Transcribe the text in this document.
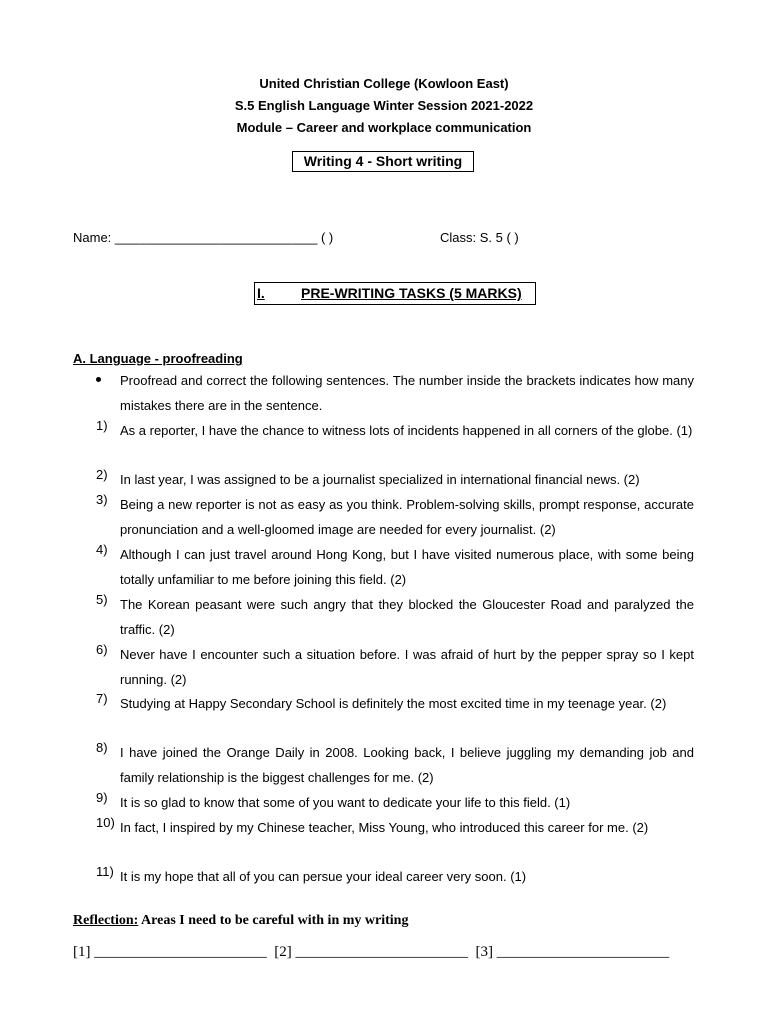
United Christian College (Kowloon East)
S.5 English Language Winter Session 2021-2022
Module – Career and workplace communication
Writing 4 - Short writing
Name: ____________________________ ( )	Class: S. 5 ( )
I.	PRE-WRITING TASKS (5 MARKS)
A. Language - proofreading
Proofread and correct the following sentences. The number inside the brackets indicates how many mistakes there are in the sentence.
1) As a reporter, I have the chance to witness lots of incidents happened in all corners of the globe. (1)
2) In last year, I was assigned to be a journalist specialized in international financial news. (2)
3) Being a new reporter is not as easy as you think. Problem-solving skills, prompt response, accurate pronunciation and a well-gloomed image are needed for every journalist. (2)
4) Although I can just travel around Hong Kong, but I have visited numerous place, with some being totally unfamiliar to me before joining this field. (2)
5) The Korean peasant were such angry that they blocked the Gloucester Road and paralyzed the traffic. (2)
6) Never have I encounter such a situation before. I was afraid of hurt by the pepper spray so I kept running. (2)
7) Studying at Happy Secondary School is definitely the most excited time in my teenage year. (2)
8) I have joined the Orange Daily in 2008. Looking back, I believe juggling my demanding job and family relationship is the biggest challenges for me. (2)
9) It is so glad to know that some of you want to dedicate your life to this field. (1)
10) In fact, I inspired by my Chinese teacher, Miss Young, who introduced this career for me. (2)
11) It is my hope that all of you can persue your ideal career very soon. (1)
Reflection: Areas I need to be careful with in my writing
[1] _______________________  [2] _______________________  [3] _______________________
